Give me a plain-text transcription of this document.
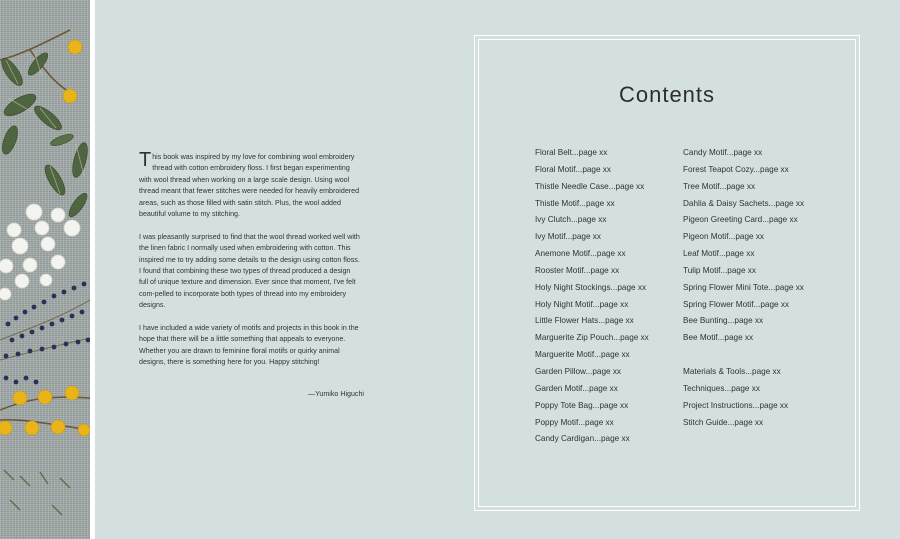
This book was inspired by my love for combining wool embroidery thread with cotton embroidery floss. I first began experimenting with wool thread when working on a large scale design. Using wool thread meant that fewer stitches were needed for heavily embroidered areas, such as those filled with satin stitch. Plus, the wool added beautiful volume to my stitching.

I was pleasantly surprised to find that the wool thread worked well with the linen fabric I normally used when embroidering with cotton. This inspired me to try adding some details to the design using cotton floss. I found that combining these two types of thread produced a design full of unique texture and dimension. Ever since that moment, I've felt com-pelled to incorporate both types of thread into my embroidery designs.

I have included a wide variety of motifs and projects in this book in the hope that there will be a little something that appeals to everyone. Whether you are drawn to feminine floral motifs or quirky animal designs, there is something here for you. Happy stitching!

—Yumiko Higuchi
Contents
Floral Belt...page xx
Floral Motif...page xx
Thistle Needle Case...page xx
Thistle Motif...page xx
Ivy Clutch...page xx
Ivy Motif...page xx
Anemone Motif...page xx
Rooster Motif...page xx
Holy Night Stockings...page xx
Holy Night Motif...page xx
Little Flower Hats...page xx
Marguerite Zip Pouch...page xx
Marguerite Motif...page xx
Garden Pillow...page xx
Garden Motif...page xx
Poppy Tote Bag...page xx
Poppy Motif...page xx
Candy Cardigan...page xx
Candy Motif...page xx
Forest Teapot Cozy...page xx
Tree Motif...page xx
Dahlia & Daisy Sachets...page xx
Pigeon Greeting Card...page xx
Pigeon Motif...page xx
Leaf Motif...page xx
Tulip Motif...page xx
Spring Flower Mini Tote...page xx
Spring Flower Motif...page xx
Bee Bunting...page xx
Bee Motif...page xx
Materials & Tools...page xx
Techniques...page xx
Project Instructions...page xx
Stitch Guide...page xx
